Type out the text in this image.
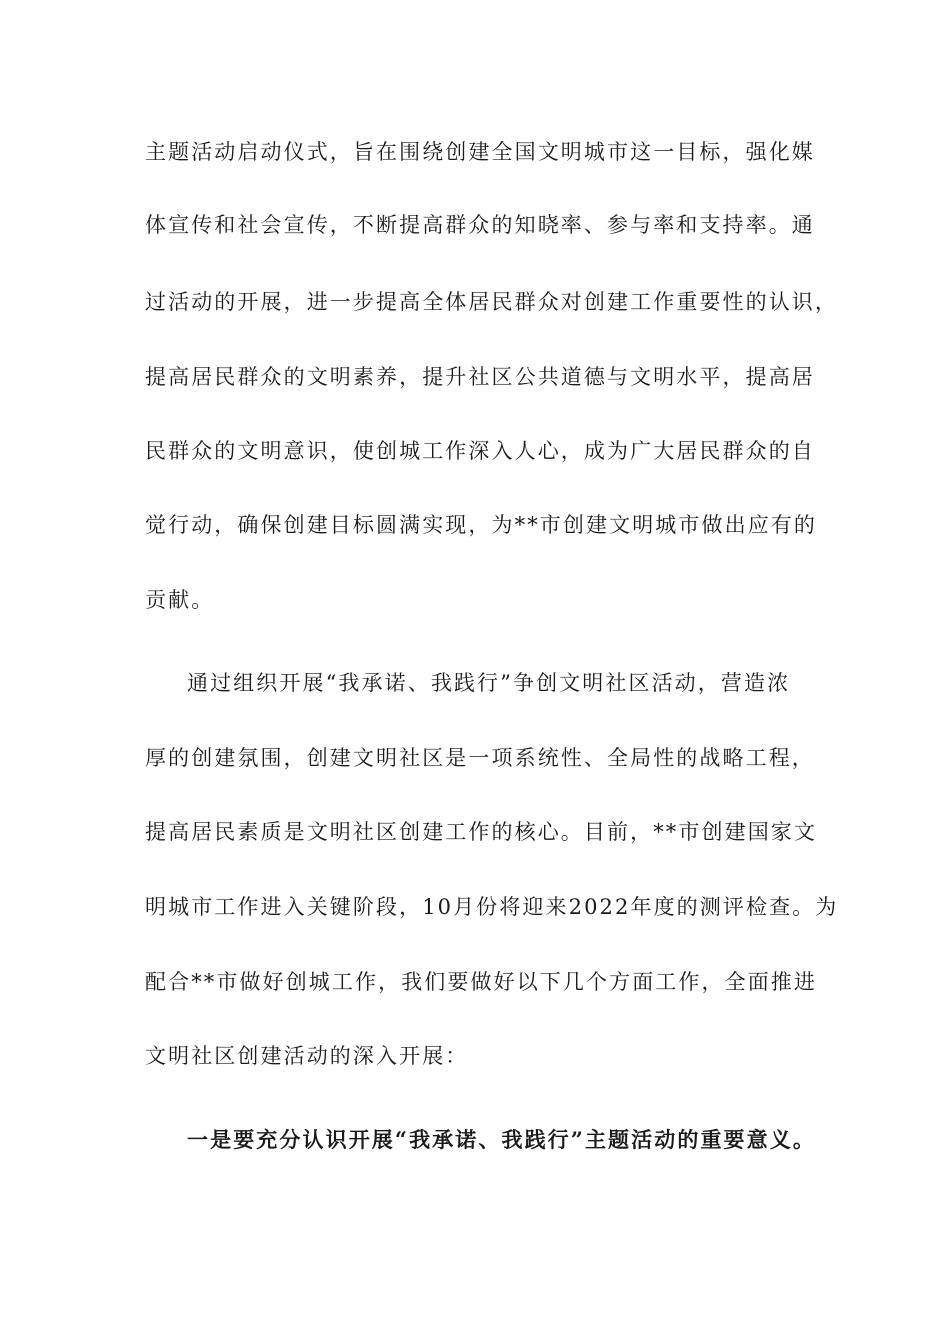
主题活动启动仪式，旨在围绕创建全国文明城市这一目标，强化媒
体宣传和社会宣传，不断提高群众的知晓率、参与率和支持率。通
过活动的开展，进一步提高全体居民群众对创建工作重要性的认识，
提高居民群众的文明素养，提升社区公共道德与文明水平，提高居
民群众的文明意识，使创城工作深入人心，成为广大居民群众的自
觉行动，确保创建目标圆满实现，为**市创建文明城市做出应有的
贡献。
通过组织开展“我承诺、我践行”争创文明社区活动，营造浓
厚的创建氛围，创建文明社区是一项系统性、全局性的战略工程，
提高居民素质是文明社区创建工作的核心。目前，**市创建国家文
明城市工作进入关键阶段，10月份将迎来2022年度的测评检查。为
配合**市做好创城工作，我们要做好以下几个方面工作，全面推进
文明社区创建活动的深入开展：
一是要充分认识开展“我承诺、我践行”主题活动的重要意义。
